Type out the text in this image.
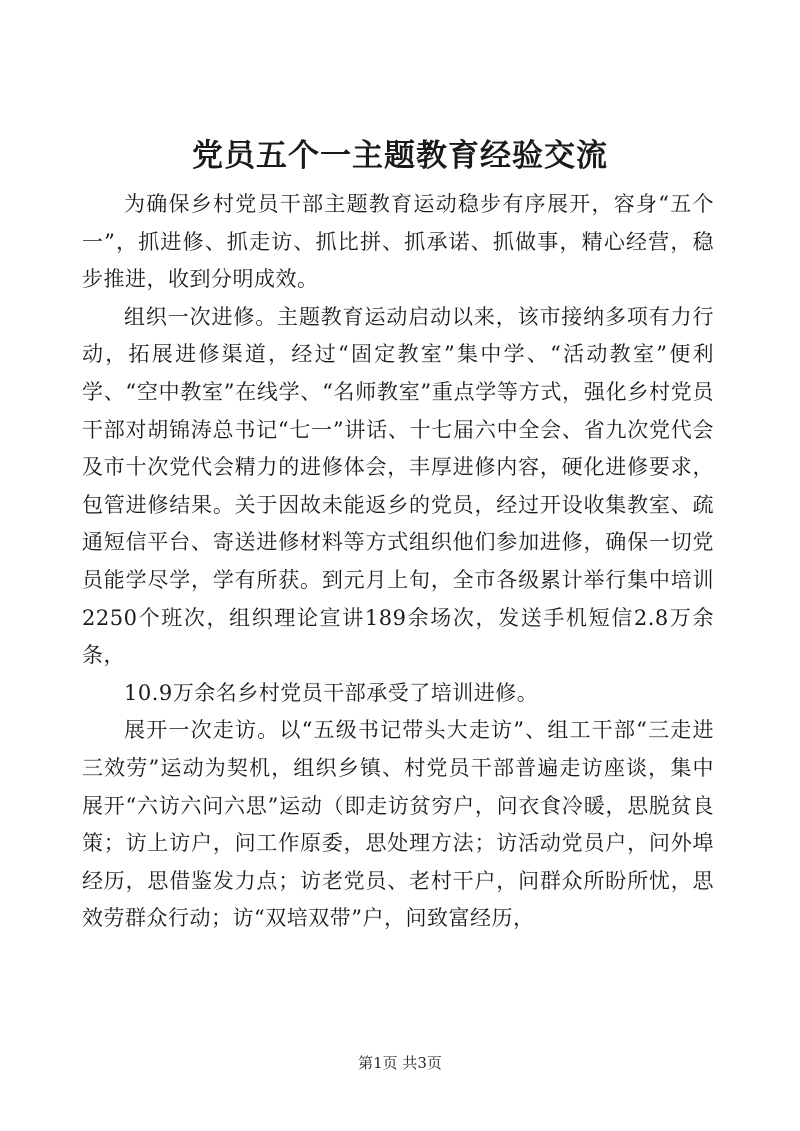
党员五个一主题教育经验交流

为确保乡村党员干部主题教育运动稳步有序展开，容身“五个一”，抓进修、抓走访、抓比拼、抓承诺、抓做事，精心经营，稳步推进，收到分明成效。

组织一次进修。主题教育运动启动以来，该市接纳多项有力行动，拓展进修渠道，经过“固定教室”集中学、“活动教室”便利学、“空中教室”在线学、“名师教室”重点学等方式，强化乡村党员干部对胡锦涛总书记“七一”讲话、十七届六中全会、省九次党代会及市十次党代会精力的进修体会，丰厚进修内容，硬化进修要求，包管进修结果。关于因故未能返乡的党员，经过开设收集教室、疏通短信平台、寄送进修材料等方式组织他们参加进修，确保一切党员能学尽学，学有所获。到元月上旬，全市各级累计举行集中培训2250个班次，组织理论宣讲189余场次，发送手机短信2.8万余条，

10.9万余名乡村党员干部承受了培训进修。

展开一次走访。以“五级书记带头大走访”、组工干部“三走进三效劳”运动为契机，组织乡镇、村党员干部普遍走访座谈，集中展开“六访六问六思”运动（即走访贫穷户，问衣食冷暖，思脱贫良策；访上访户，问工作原委，思处理方法；访活动党员户，问外埠经历，思借鉴发力点；访老党员、老村干户，问群众所盼所忧，思效劳群众行动；访“双培双带”户，问致富经历，

第1页 共3页
